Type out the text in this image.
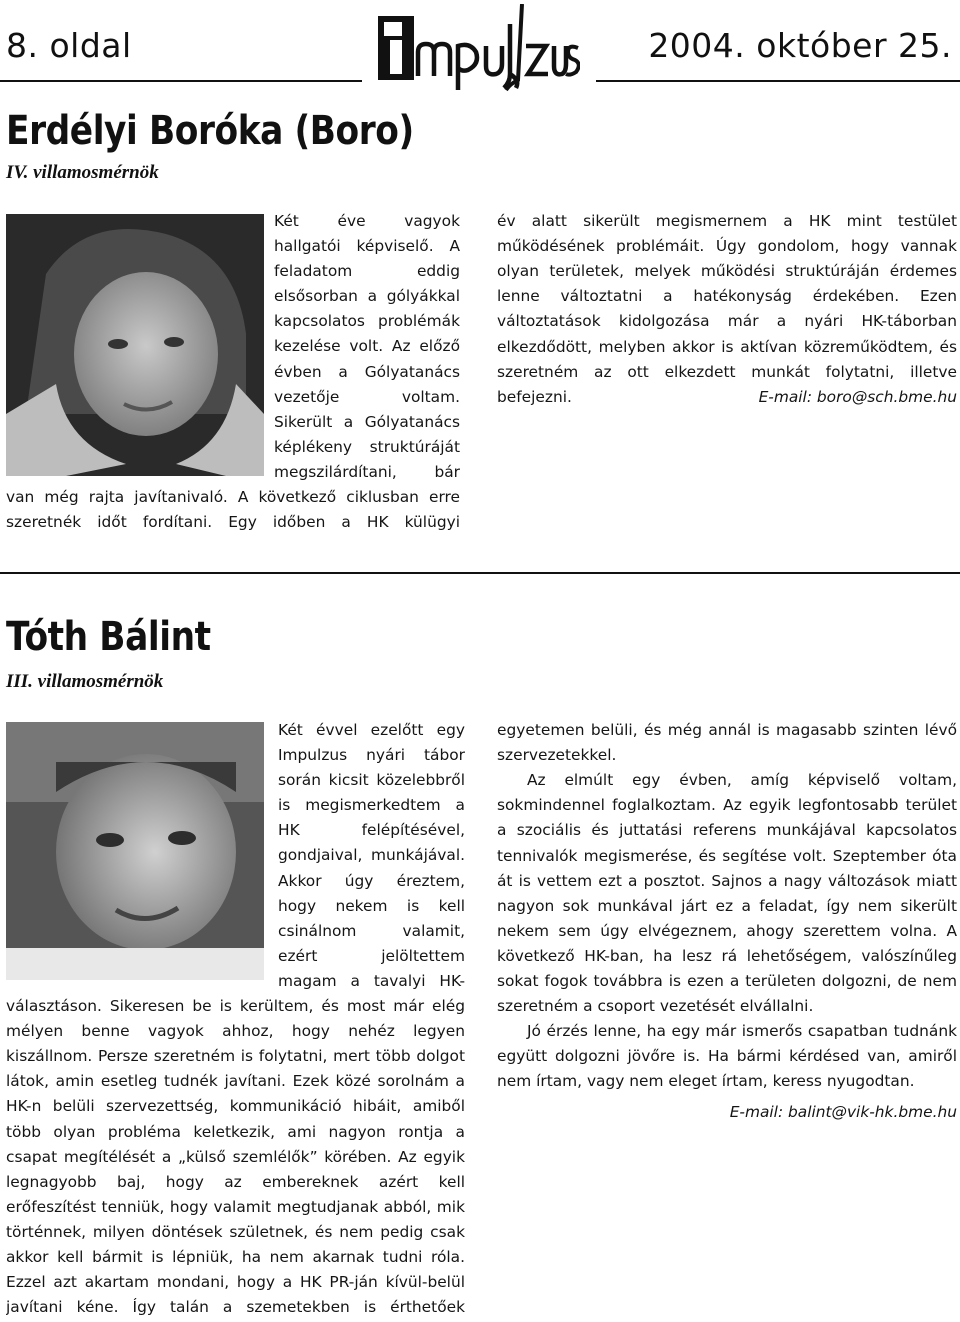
8. oldal	2004. október 25.
Erdélyi Boróka (Boro)
IV. villamosmérnök

Két éve vagyok hallgatói képviselő. A feladatom eddig elsősorban a gólyákkal kapcsolatos problémák kezelése volt. Az előző évben a Gólyatanács vezetője voltam. Sikerült a Gólyatanács képlékeny struktúráját megszilárdítani, bár van még rajta javítanivaló. A következő ciklusban erre szeretnék időt fordítani. Egy időben a HK külügyi

év alatt sikerült megismernem a HK mint testület működésének problémáit. Úgy gondolom, hogy vannak olyan területek, melyek működési struktúráján érdemes lenne változtatni a hatékonyság érdekében. Ezen változtatások kidolgozása már a nyári HK-táborban elkezdődött, melyben akkor is aktívan közreműködtem, és szeretném az ott elkezdett munkát folytatni, illetve befejezni.	E-mail: boro@sch.bme.hu

Tóth Bálint
III. villamosmérnök

Két évvel ezelőtt egy Impulzus nyári tábor során kicsit közelebbről is megismerkedtem a HK felépítésével, gondjaival, munkájával. Akkor úgy éreztem, hogy nekem is kell csinálnom valamit, ezért jelöltettem magam a tavalyi HK-választáson. Sikeresen be is kerültem, és most már elég mélyen benne vagyok ahhoz, hogy nehéz legyen kiszállnom. Persze szeretném is folytatni, mert több dolgot látok, amin esetleg tudnék javítani. Ezek közé sorolnám a HK-n belüli szervezettség, kommunikáció hibáit, amiből több olyan probléma keletkezik, ami nagyon rontja a csapat megítélését a „külső szemlélők” körében. Az egyik legnagyobb baj, hogy az embereknek azért kell erőfeszítést tenniük, hogy valamit megtudjanak abból, mik történnek, milyen döntések születnek, és nem pedig csak akkor kell bármit is lépniük, ha nem akarnak tudni róla. Ezzel azt akartam mondani, hogy a HK PR-ján kívül-belül javítani kéne. Így talán a szemetekben is érthetőek

egyetemen belüli, és még annál is magasabb szinten lévő szervezetekkel.

Az elmúlt egy évben, amíg képviselő voltam, sokmindennel foglalkoztam. Az egyik legfontosabb terület a szociális és juttatási referens munkájával kapcsolatos tennivalók megismerése, és segítése volt. Szeptember óta át is vettem ezt a posztot. Sajnos a nagy változások miatt nagyon sok munkával járt ez a feladat, így nem sikerült nekem sem úgy elvégeznem, ahogy szerettem volna. A következő HK-ban, ha lesz rá lehetőségem, valószínűleg sokat fogok továbbra is ezen a területen dolgozni, de nem szeretném a csoport vezetését elvállalni.

Jó érzés lenne, ha egy már ismerős csapatban tudnánk együtt dolgozni jövőre is. Ha bármi kérdésed van, amiről nem írtam, vagy nem eleget írtam, keress nyugodtan.

E-mail: balint@vik-hk.bme.hu
